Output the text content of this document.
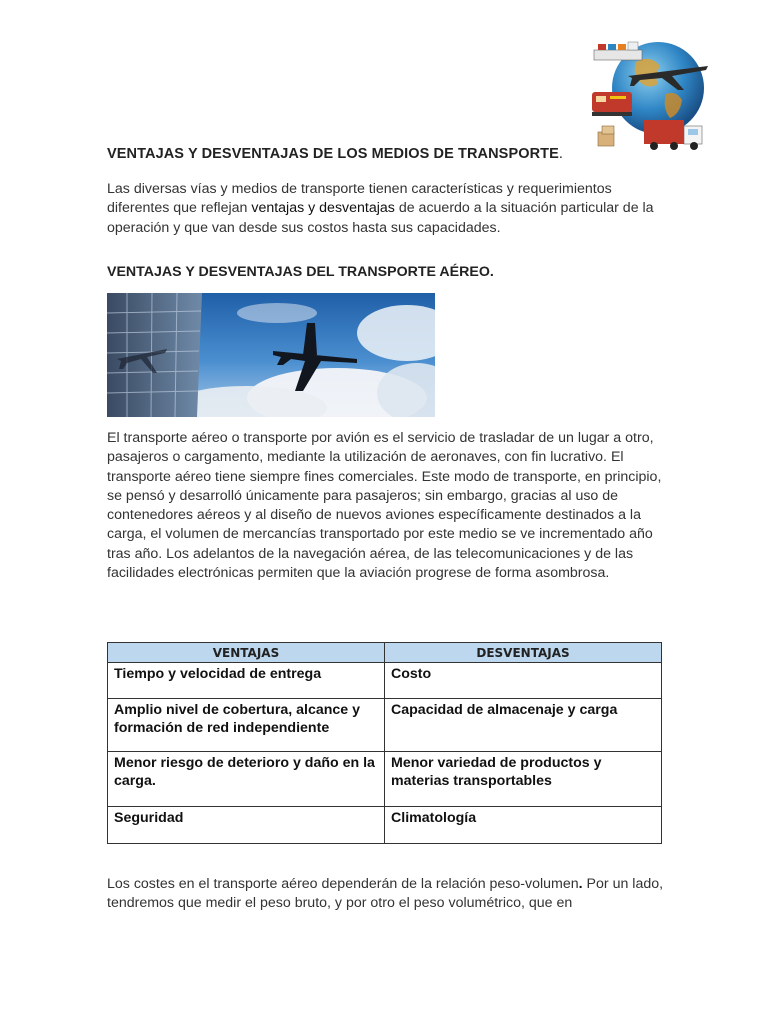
VENTAJAS Y DESVENTAJAS DE LOS MEDIOS DE TRANSPORTE.

Las diversas vías y medios de transporte tienen características y requerimientos diferentes que reflejan ventajas y desventajas de acuerdo a la situación particular de la operación y que van desde sus costos hasta sus capacidades.

VENTAJAS Y DESVENTAJAS DEL TRANSPORTE AÉREO.

El transporte aéreo o transporte por avión es el servicio de trasladar de un lugar a otro, pasajeros o cargamento, mediante la utilización de aeronaves, con fin lucrativo. El transporte aéreo tiene siempre fines comerciales. Este modo de transporte, en principio, se pensó y desarrolló únicamente para pasajeros; sin embargo, gracias al uso de contenedores aéreos y al diseño de nuevos aviones específicamente destinados a la carga, el volumen de mercancías transportado por este medio se ve incrementado año tras año. Los adelantos de la navegación aérea, de las telecomunicaciones y de las facilidades electrónicas permiten que la aviación progrese de forma asombrosa.

VENTAJAS	DESVENTAJAS
Tiempo y velocidad de entrega	Costo
Amplio nivel de cobertura, alcance y formación de red independiente	Capacidad de almacenaje y carga
Menor riesgo de deterioro y daño en la carga.	Menor variedad de productos y materias transportables
Seguridad	Climatología

Los costes en el transporte aéreo dependerán de la relación peso-volumen. Por un lado, tendremos que medir el peso bruto, y por otro el peso volumétrico, que en
